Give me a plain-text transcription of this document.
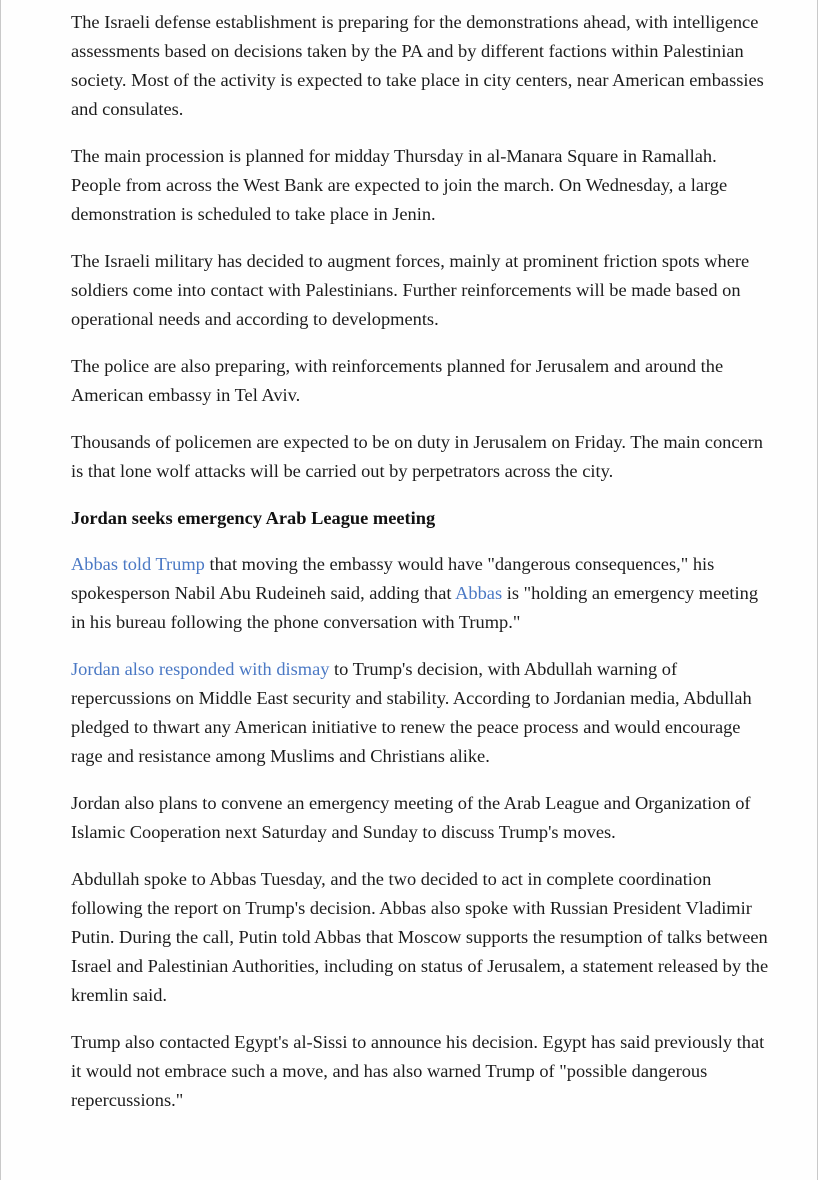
The Israeli defense establishment is preparing for the demonstrations ahead, with intelligence assessments based on decisions taken by the PA and by different factions within Palestinian society. Most of the activity is expected to take place in city centers, near American embassies and consulates.

The main procession is planned for midday Thursday in al-Manara Square in Ramallah. People from across the West Bank are expected to join the march. On Wednesday, a large demonstration is scheduled to take place in Jenin.

The Israeli military has decided to augment forces, mainly at prominent friction spots where soldiers come into contact with Palestinians. Further reinforcements will be made based on operational needs and according to developments.

The police are also preparing, with reinforcements planned for Jerusalem and around the American embassy in Tel Aviv.

Thousands of policemen are expected to be on duty in Jerusalem on Friday. The main concern is that lone wolf attacks will be carried out by perpetrators across the city.

Jordan seeks emergency Arab League meeting

Abbas told Trump that moving the embassy would have "dangerous consequences," his spokesperson Nabil Abu Rudeineh said, adding that Abbas is "holding an emergency meeting in his bureau following the phone conversation with Trump."

Jordan also responded with dismay to Trump's decision, with Abdullah warning of repercussions on Middle East security and stability. According to Jordanian media, Abdullah pledged to thwart any American initiative to renew the peace process and would encourage rage and resistance among Muslims and Christians alike.

Jordan also plans to convene an emergency meeting of the Arab League and Organization of Islamic Cooperation next Saturday and Sunday to discuss Trump's moves.

Abdullah spoke to Abbas Tuesday, and the two decided to act in complete coordination following the report on Trump's decision. Abbas also spoke with Russian President Vladimir Putin. During the call, Putin told Abbas that Moscow supports the resumption of talks between Israel and Palestinian Authorities, including on status of Jerusalem, a statement released by the kremlin said.

Trump also contacted Egypt's al-Sissi to announce his decision. Egypt has said previously that it would not embrace such a move, and has also warned Trump of "possible dangerous repercussions."
